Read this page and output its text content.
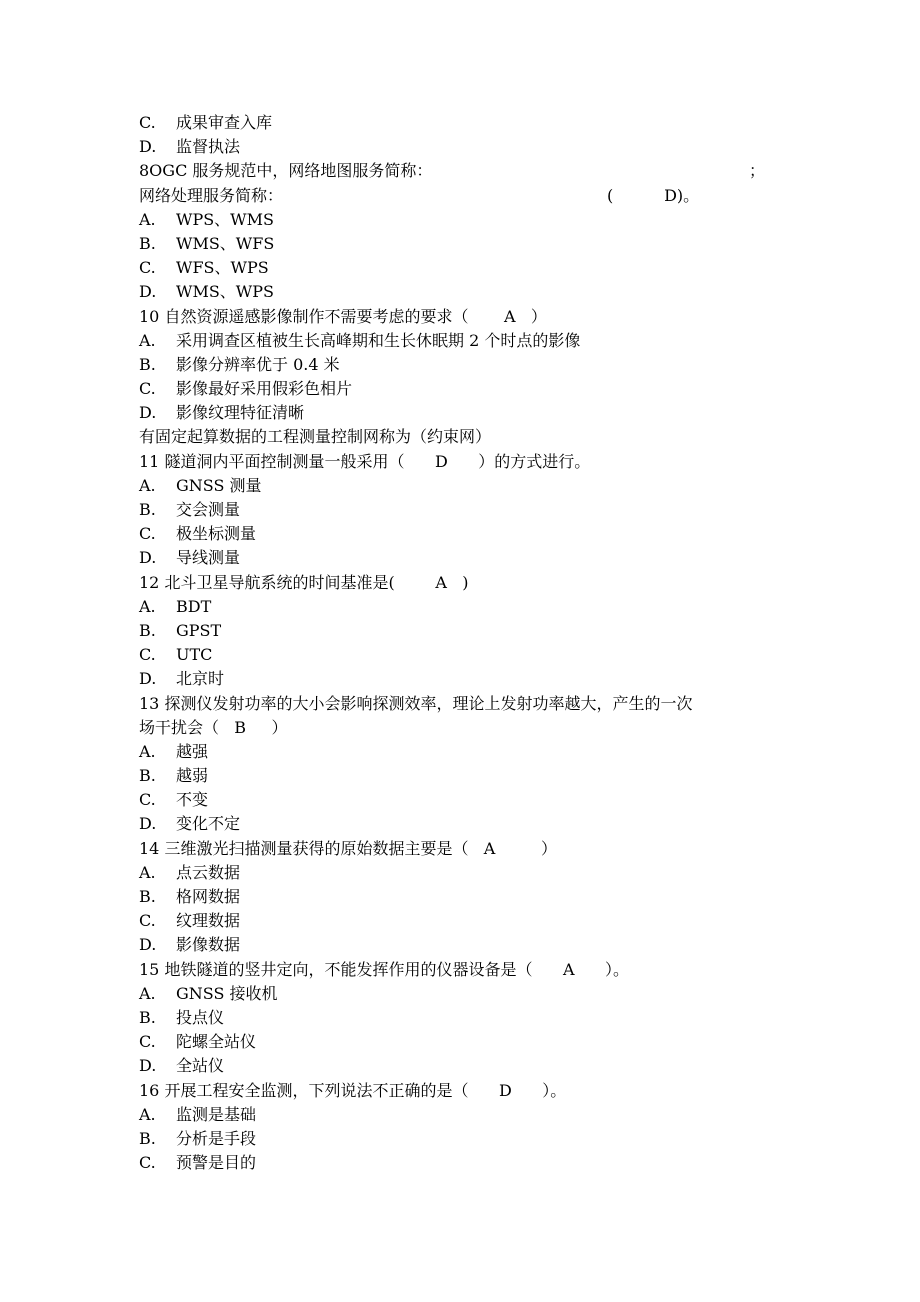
C. 成果审查入库
D. 监督执法
8OGC 服务规范中，网络地图服务简称：	；
网络处理服务简称：	(          D)。
A. WPS、WMS
B. WMS、WFS
C. WFS、WPS
D. WMS、WPS
10 自然资源遥感影像制作不需要考虑的要求（       A   ）
A. 采用调查区植被生长高峰期和生长休眠期 2 个时点的影像
B. 影像分辨率优于 0.4 米
C. 影像最好采用假彩色相片
D. 影像纹理特征清晰
有固定起算数据的工程测量控制网称为（约束网）
11 隧道洞内平面控制测量一般采用（      D      ）的方式进行。
A. GNSS 测量
B. 交会测量
C. 极坐标测量
D. 导线测量
12 北斗卫星导航系统的时间基准是(        A   )
A. BDT
B. GPST
C. UTC
D. 北京时
13 探测仪发射功率的大小会影响探测效率，理论上发射功率越大，产生的一次
场干扰会（   B     ）
A. 越强
B. 越弱
C. 不变
D. 变化不定
14 三维激光扫描测量获得的原始数据主要是（   A         ）
A. 点云数据
B. 格网数据
C. 纹理数据
D. 影像数据
15 地铁隧道的竖井定向，不能发挥作用的仪器设备是（      A      ）。
A. GNSS 接收机
B. 投点仪
C. 陀螺全站仪
D. 全站仪
16 开展工程安全监测，下列说法不正确的是（      D      ）。
A. 监测是基础
B. 分析是手段
C. 预警是目的
